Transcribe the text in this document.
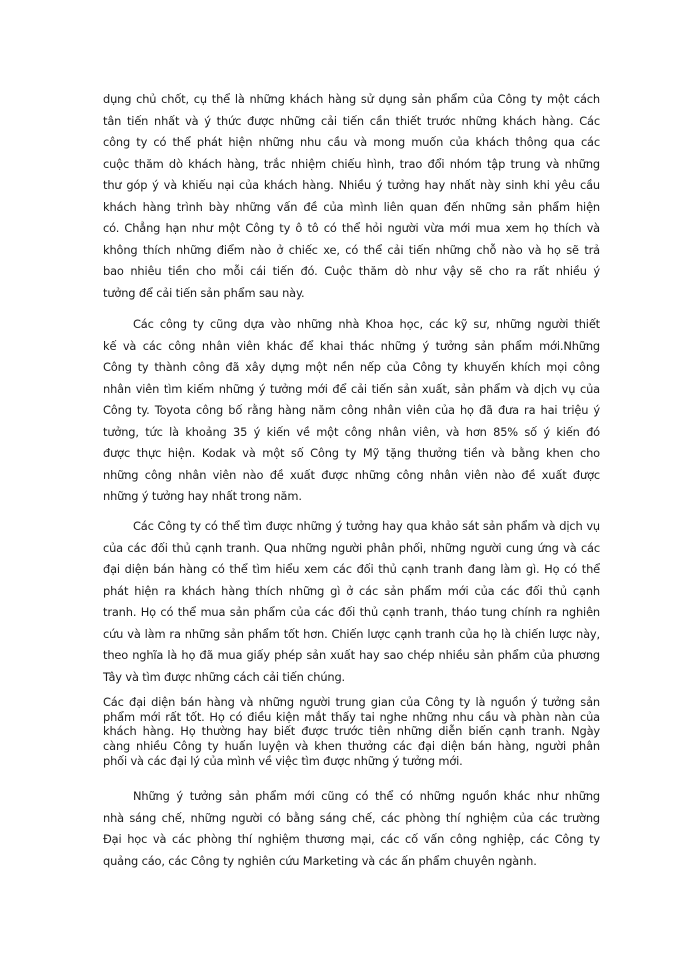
dụng chủ chốt, cụ thể là những khách hàng sử dụng sản phẩm của Công ty một cách
tân tiến nhất và ý thức được những cải tiến cần thiết trước những khách hàng. Các
công ty có thể phát hiện những nhu cầu và mong muốn của khách thông qua các
cuộc thăm dò khách hàng, trắc nhiệm chiếu hình, trao đổi nhóm tập trung và những
thư góp ý và khiếu nại của khách hàng. Nhiều ý tưởng hay nhất này sinh khi yêu cầu
khách hàng trình bày những vấn đề của mình liên quan đến những sản phẩm hiện
có. Chẳng hạn như một Công ty ô tô có thể hỏi người vừa mới mua xem họ thích và
không thích những điểm nào ở chiếc xe, có thể cải tiến những chỗ nào và họ sẽ trả
bao nhiêu tiền cho mỗi cái tiến đó. Cuộc thăm dò như vậy sẽ cho ra rất nhiều ý
tưởng để cải tiến sản phẩm sau này.
Các công ty cũng dựa vào những nhà Khoa học, các kỹ sư, những người thiết
kế và các công nhân viên khác để khai thác những ý tưởng sản phẩm mới.Những
Công ty thành công đã xây dựng một nền nếp của Công ty khuyến khích mọi công
nhân viên tìm kiếm những ý tưởng mới để cải tiến sản xuất, sản phẩm và dịch vụ của
Công ty. Toyota công bố rằng hàng năm công nhân viên của họ đã đưa ra hai triệu ý
tưởng, tức là khoảng 35 ý kiến về một công nhân viên, và hơn 85% số ý kiến đó
được thực hiện. Kodak và một số Công ty Mỹ tặng thưởng tiền và bằng khen cho
những công nhân viên nào đề xuất được những công nhân viên nào đề xuất được
những ý tưởng hay nhất trong năm.
Các Công ty có thể tìm được những ý tưởng hay qua khảo sát sản phẩm và dịch vụ
của các đối thủ cạnh tranh. Qua những người phân phối, những người cung ứng và các
đại diện bán hàng có thể tìm hiểu xem các đối thủ cạnh tranh đang làm gì. Họ có thể
phát hiện ra khách hàng thích những gì ở các sản phẩm mới của các đối thủ cạnh
tranh. Họ có thể mua sản phẩm của các đối thủ cạnh tranh, tháo tung chính ra nghiên
cứu và làm ra những sản phẩm tốt hơn. Chiến lược cạnh tranh của họ là chiến lược này,
theo nghĩa là họ đã mua giấy phép sản xuất hay sao chép nhiều sản phẩm của phương
Tây và tìm được những cách cải tiến chúng.
Các đại diện bán hàng và những người trung gian của Công ty là nguồn ý tưởng sản
phẩm mới rất tốt. Họ có điều kiện mắt thấy tai nghe những nhu cầu và phàn nàn của
khách hàng. Họ thường hay biết được trước tiên những diễn biến cạnh tranh. Ngày
càng nhiều Công ty huấn luyện và khen thưởng các đại diện bán hàng, người phân
phối và các đại lý của mình về việc tìm được những ý tưởng mới.
Những ý tưởng sản phẩm mới cũng có thể có những nguồn khác như những
nhà sáng chế, những người có bằng sáng chế, các phòng thí nghiệm của các trường
Đại học và các phòng thí nghiệm thương mại, các cố vấn công nghiệp, các Công ty
quảng cáo, các Công ty nghiên cứu Marketing và các ấn phẩm chuyên ngành.
